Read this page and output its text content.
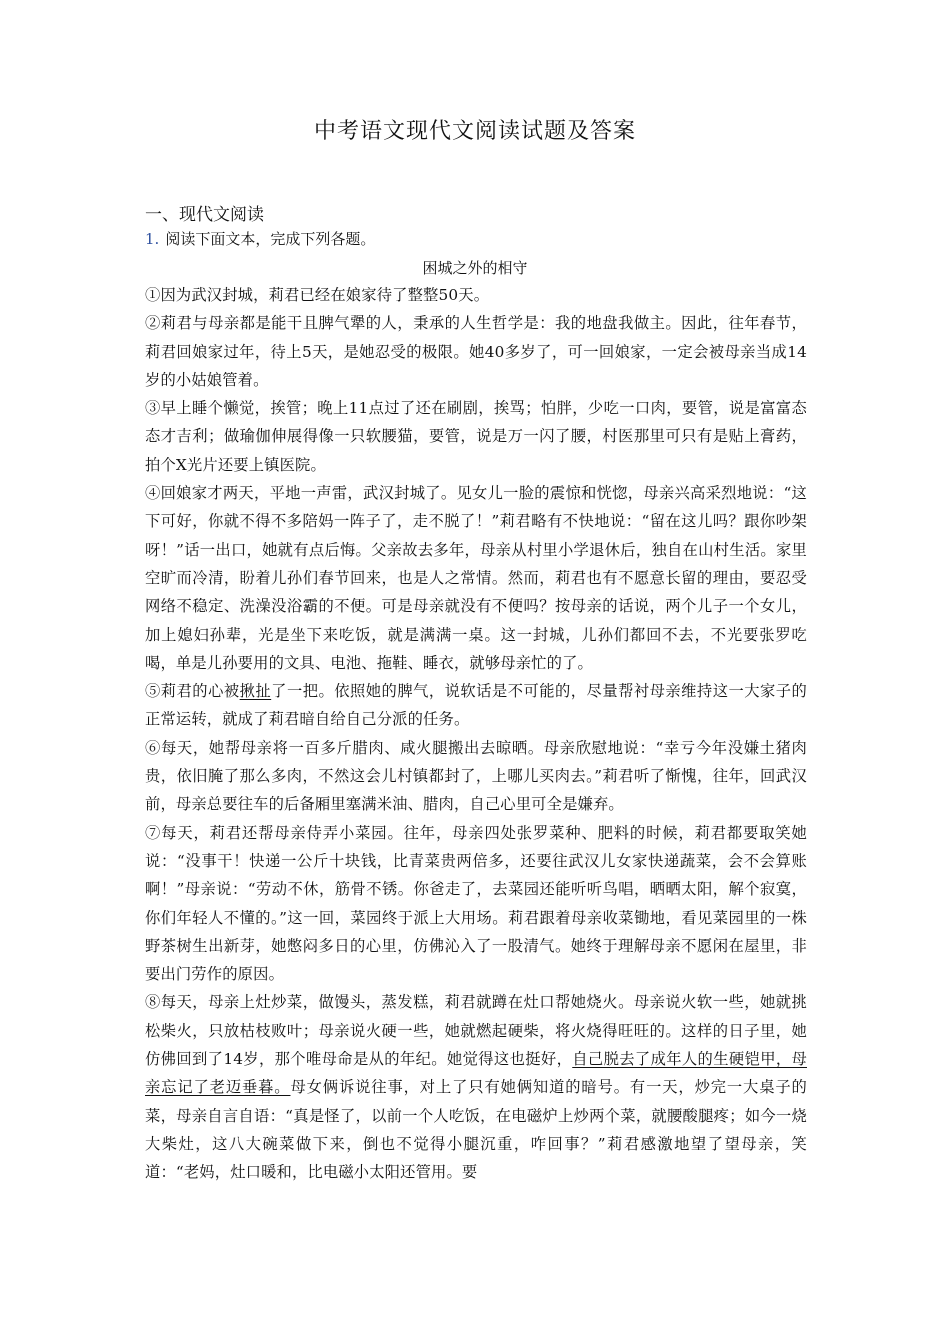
中考语文现代文阅读试题及答案
一、现代文阅读
1. 阅读下面文本，完成下列各题。
困城之外的相守

①因为武汉封城，莉君已经在娘家待了整整50天。

②莉君与母亲都是能干且脾气犟的人，秉承的人生哲学是：我的地盘我做主。因此，往年春节，莉君回娘家过年，待上5天，是她忍受的极限。她40多岁了，可一回娘家，一定会被母亲当成14岁的小姑娘管着。

③早上睡个懒觉，挨管；晚上11点过了还在刷剧，挨骂；怕胖，少吃一口肉，要管，说是富富态态才吉利；做瑜伽伸展得像一只软腰猫，要管，说是万一闪了腰，村医那里可只有是贴上膏药，拍个X光片还要上镇医院。

④回娘家才两天，平地一声雷，武汉封城了。见女儿一脸的震惊和恍惚，母亲兴高采烈地说：“这下可好，你就不得不多陪妈一阵子了，走不脱了！”莉君略有不快地说：“留在这儿吗？跟你吵架呀！”话一出口，她就有点后悔。父亲故去多年，母亲从村里小学退休后，独自在山村生活。家里空旷而冷清，盼着儿孙们春节回来，也是人之常情。然而，莉君也有不愿意长留的理由，要忍受网络不稳定、洗澡没浴霸的不便。可是母亲就没有不便吗？按母亲的话说，两个儿子一个女儿，加上媳妇孙辈，光是坐下来吃饭，就是满满一桌。这一封城，儿孙们都回不去，不光要张罗吃喝，单是儿孙要用的文具、电池、拖鞋、睡衣，就够母亲忙的了。

⑤莉君的心被揪扯了一把。依照她的脾气，说软话是不可能的，尽量帮衬母亲维持这一大家子的正常运转，就成了莉君暗自给自己分派的任务。

⑥每天，她帮母亲将一百多斤腊肉、咸火腿搬出去晾晒。母亲欣慰地说：“幸亏今年没嫌土猪肉贵，依旧腌了那么多肉，不然这会儿村镇都封了，上哪儿买肉去。”莉君听了惭愧，往年，回武汉前，母亲总要往车的后备厢里塞满米油、腊肉，自己心里可全是嫌弃。

⑦每天，莉君还帮母亲侍弄小菜园。往年，母亲四处张罗菜种、肥料的时候，莉君都要取笑她说：“没事干！快递一公斤十块钱，比青菜贵两倍多，还要往武汉儿女家快递蔬菜，会不会算账啊！”母亲说：“劳动不休，筋骨不锈。你爸走了，去菜园还能听听鸟唱，晒晒太阳，解个寂寞，你们年轻人不懂的。”这一回，菜园终于派上大用场。莉君跟着母亲收菜锄地，看见菜园里的一株野茶树生出新芽，她憋闷多日的心里，仿佛沁入了一股清气。她终于理解母亲不愿闲在屋里，非要出门劳作的原因。

⑧每天，母亲上灶炒菜，做馒头，蒸发糕，莉君就蹲在灶口帮她烧火。母亲说火软一些，她就挑松柴火，只放枯枝败叶；母亲说火硬一些，她就燃起硬柴，将火烧得旺旺的。这样的日子里，她仿佛回到了14岁，那个唯母命是从的年纪。她觉得这也挺好，自己脱去了成年人的生硬铠甲，母亲忘记了老迈垂暮。母女俩诉说往事，对上了只有她俩知道的暗号。有一天，炒完一大桌子的菜，母亲自言自语：“真是怪了，以前一个人吃饭，在电磁炉上炒两个菜，就腰酸腿疼；如今一烧大柴灶，这八大碗菜做下来，倒也不觉得小腿沉重，咋回事？”莉君感激地望了望母亲，笑道：“老妈，灶口暖和，比电磁小太阳还管用。要
